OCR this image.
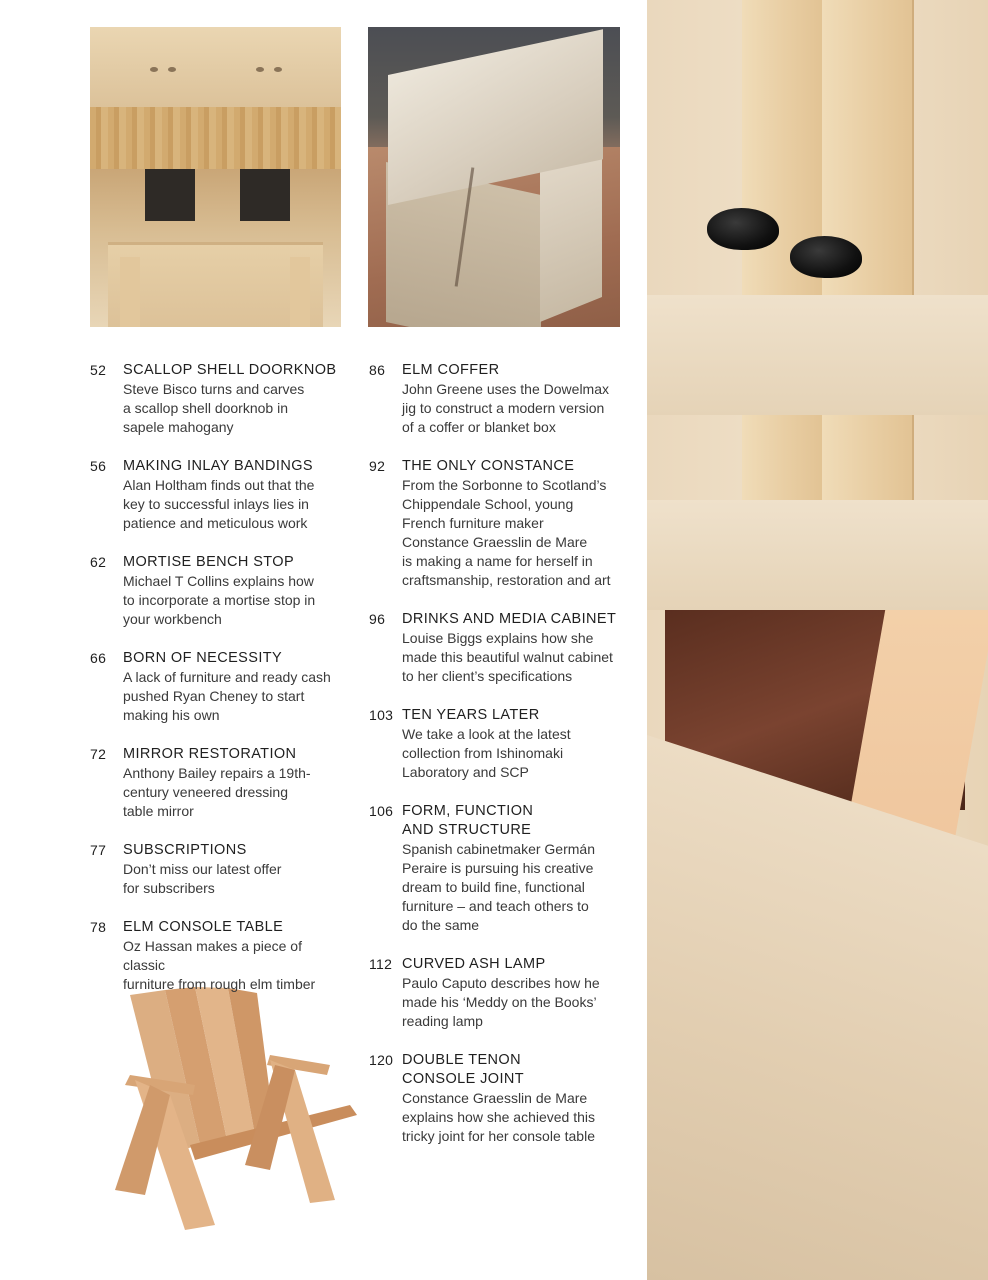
52	SCALLOP SHELL DOORKNOB
Steve Bisco turns and carves
a scallop shell doorknob in
sapele mahogany
56	MAKING INLAY BANDINGS
Alan Holtham finds out that the
key to successful inlays lies in
patience and meticulous work
62	MORTISE BENCH STOP
Michael T Collins explains how
to incorporate a mortise stop in
your workbench
66	BORN OF NECESSITY
A lack of furniture and ready cash
pushed Ryan Cheney to start
making his own
72	MIRROR RESTORATION
Anthony Bailey repairs a 19th-
century veneered dressing
table mirror
77	SUBSCRIPTIONS
Don’t miss our latest offer
for subscribers
78	ELM CONSOLE TABLE
Oz Hassan makes a piece of classic
furniture from rough elm timber
86	ELM COFFER
John Greene uses the Dowelmax
jig to construct a modern version
of a coffer or blanket box
92	THE ONLY CONSTANCE
From the Sorbonne to Scotland’s
Chippendale School, young
French furniture maker
Constance Graesslin de Mare
is making a name for herself in
craftsmanship, restoration and art
96	DRINKS AND MEDIA CABINET
Louise Biggs explains how she
made this beautiful walnut cabinet
to her client’s specifications
103 TEN YEARS LATER
We take a look at the latest
collection from Ishinomaki
Laboratory and SCP
106 FORM, FUNCTION
AND STRUCTURE
Spanish cabinetmaker Germán
Peraire is pursuing his creative
dream to build fine, functional
furniture – and teach others to
do the same
112 CURVED ASH LAMP
Paulo Caputo describes how he
made his ‘Meddy on the Books’
reading lamp
120 DOUBLE TENON
CONSOLE JOINT
Constance Graesslin de Mare
explains how she achieved this
tricky joint for her console table
